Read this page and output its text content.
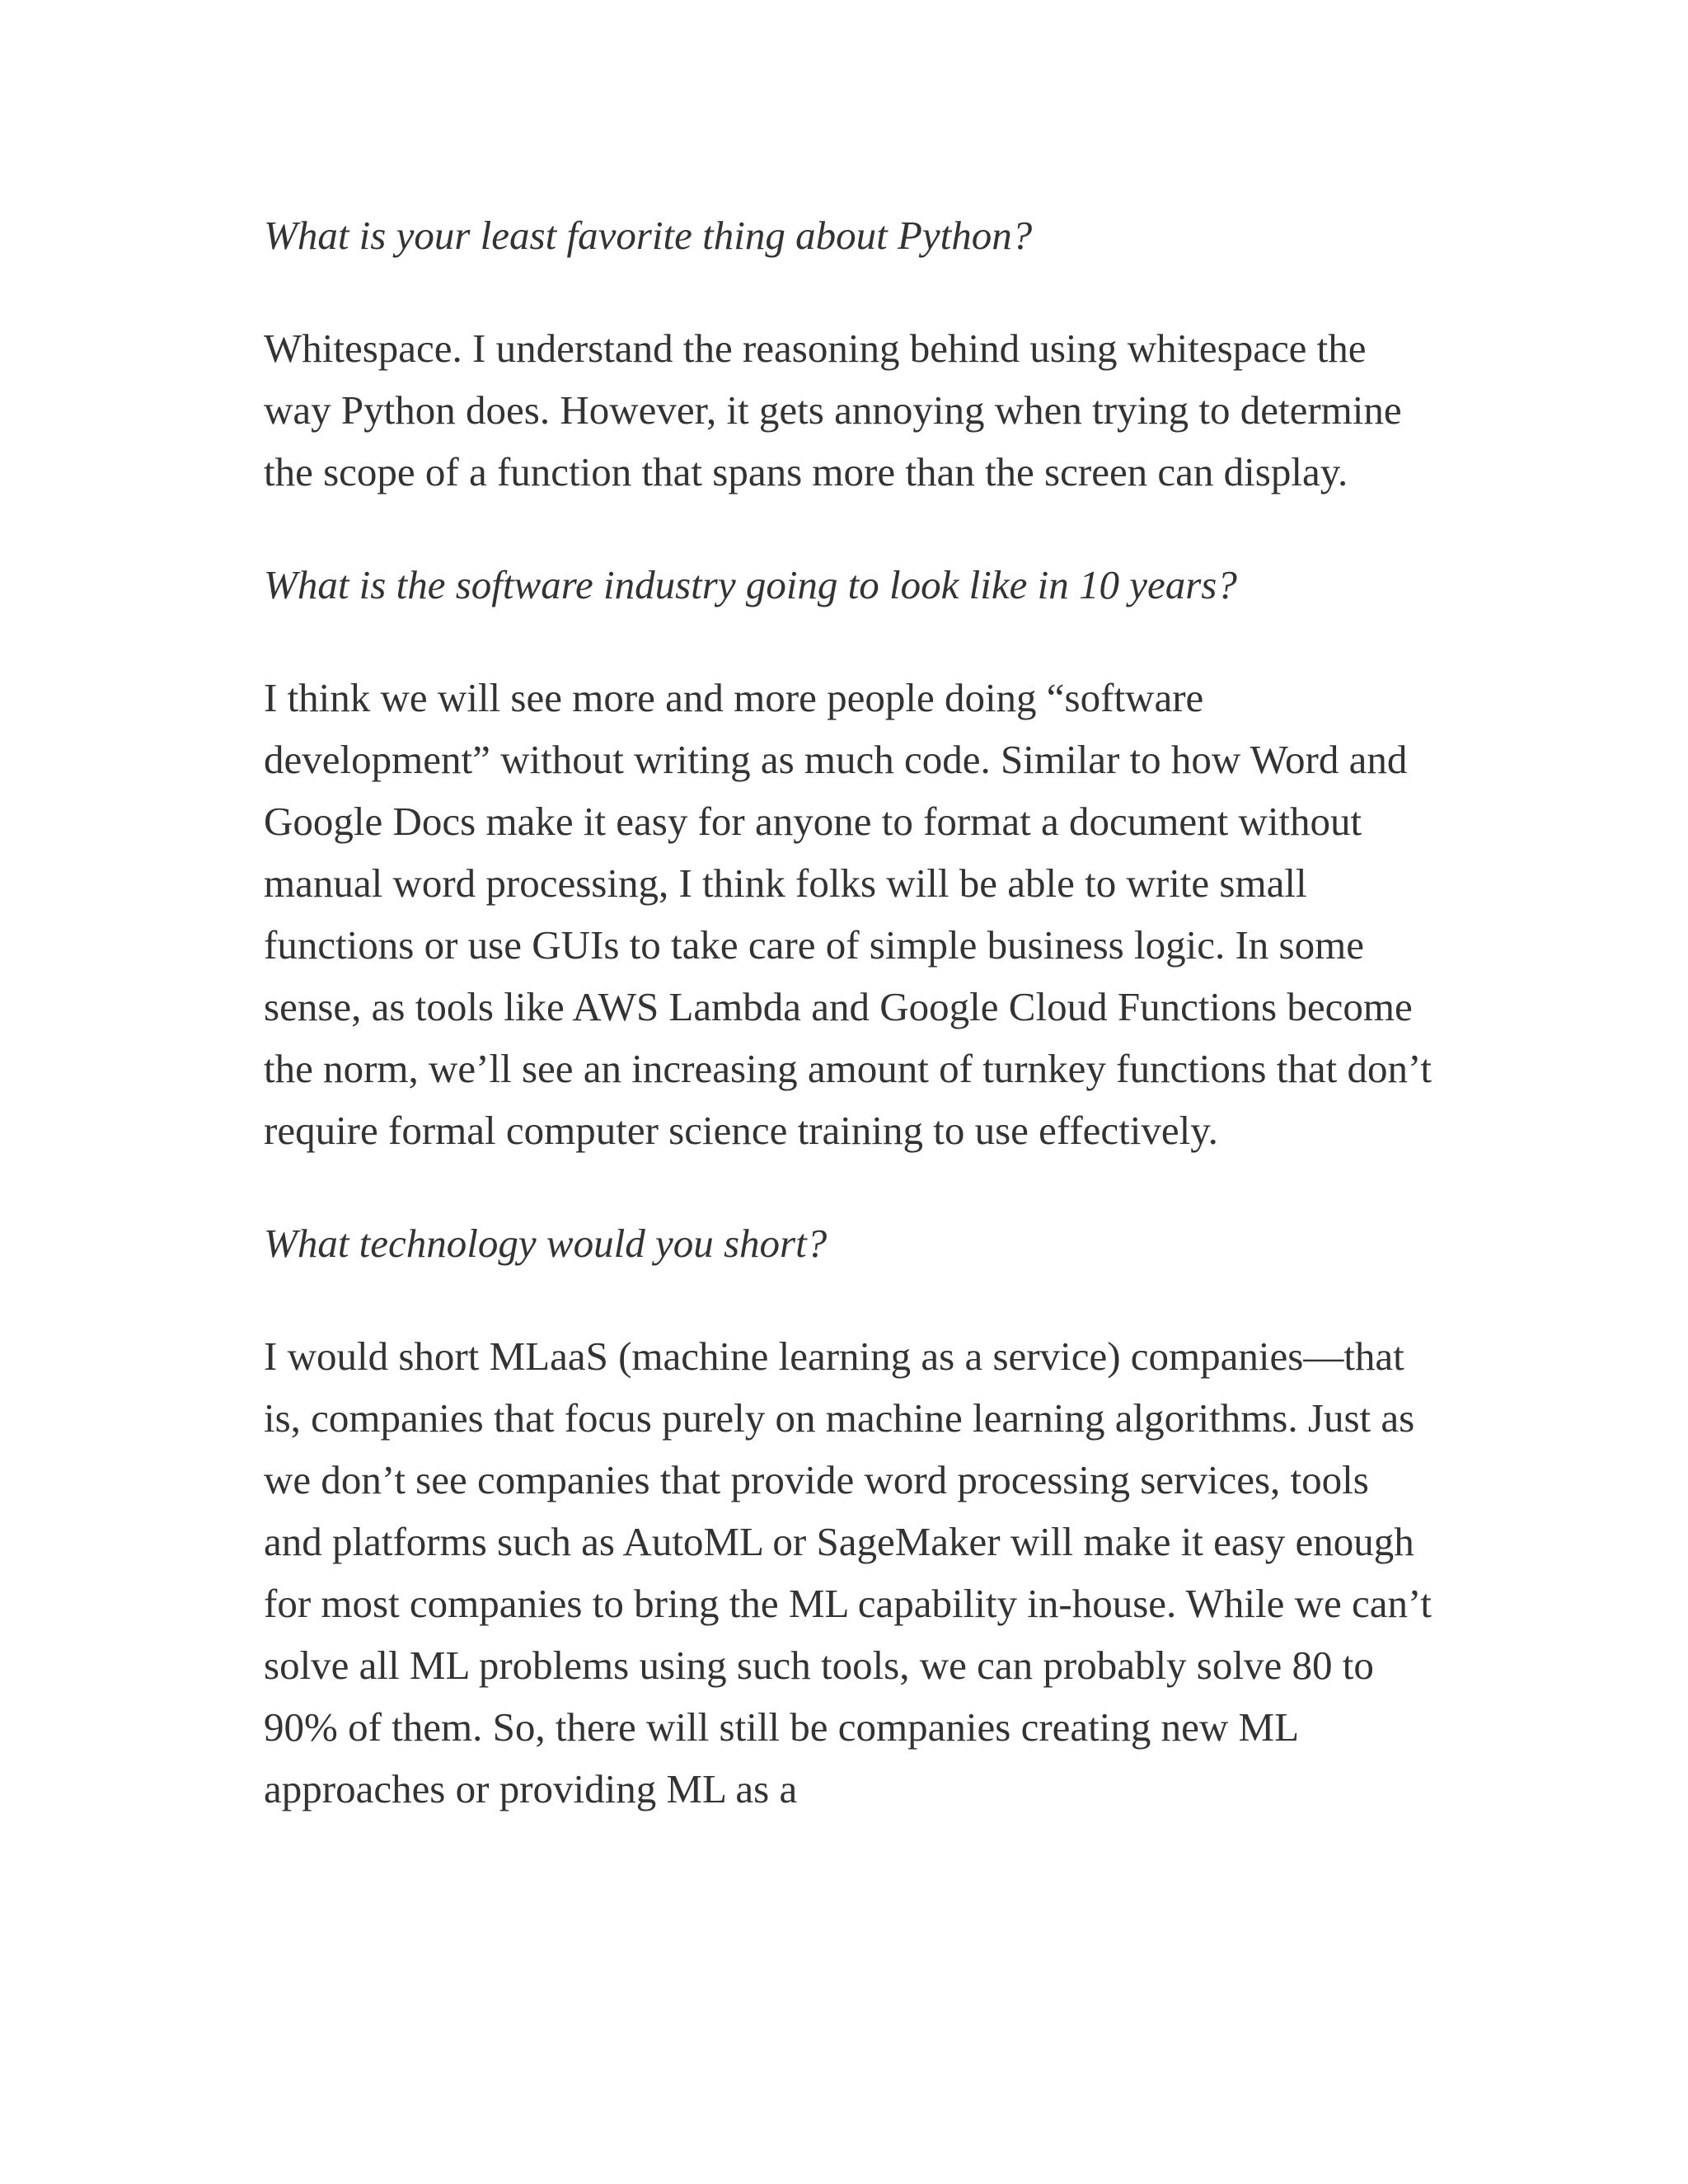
What is your least favorite thing about Python?

Whitespace. I understand the reasoning behind using whitespace the way Python does. However, it gets annoying when trying to determine the scope of a function that spans more than the screen can display.

What is the software industry going to look like in 10 years?

I think we will see more and more people doing “software development” without writing as much code. Similar to how Word and Google Docs make it easy for anyone to format a document without manual word processing, I think folks will be able to write small functions or use GUIs to take care of simple business logic. In some sense, as tools like AWS Lambda and Google Cloud Functions become the norm, we’ll see an increasing amount of turnkey functions that don’t require formal computer science training to use effectively.

What technology would you short?

I would short MLaaS (machine learning as a service) companies—that is, companies that focus purely on machine learning algorithms. Just as we don’t see companies that provide word processing services, tools and platforms such as AutoML or SageMaker will make it easy enough for most companies to bring the ML capability in-house. While we can’t solve all ML problems using such tools, we can probably solve 80 to 90% of them. So, there will still be companies creating new ML approaches or providing ML as a
